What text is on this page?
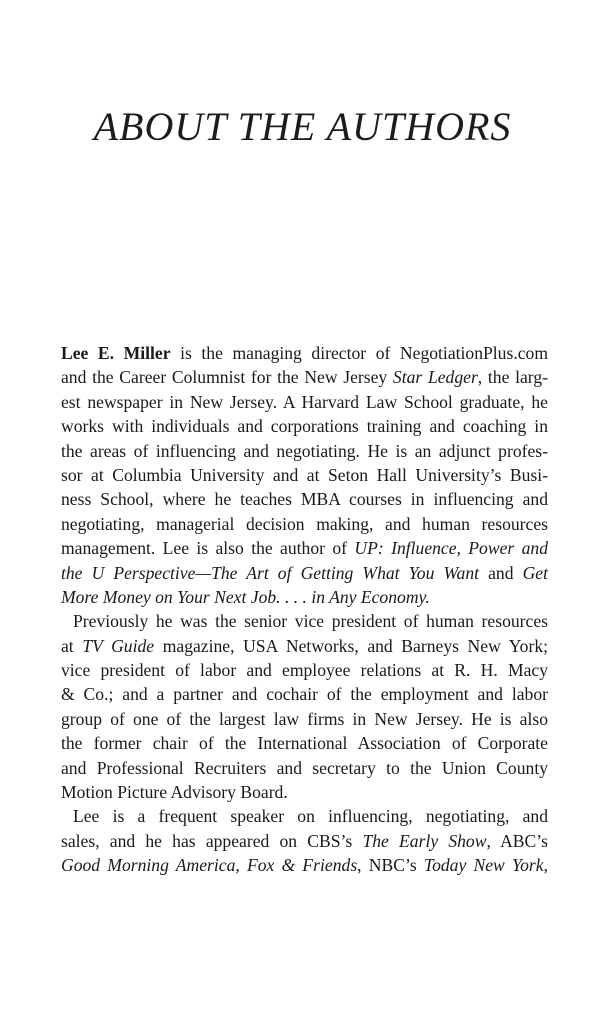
ABOUT THE AUTHORS
Lee E. Miller is the managing director of NegotiationPlus.com
and the Career Columnist for the New Jersey Star Ledger, the larg-
est newspaper in New Jersey. A Harvard Law School graduate, he
works with individuals and corporations training and coaching in
the areas of influencing and negotiating. He is an adjunct profes-
sor at Columbia University and at Seton Hall University’s Busi-
ness School, where he teaches MBA courses in influencing and
negotiating, managerial decision making, and human resources
management. Lee is also the author of UP: Influence, Power and
the U Perspective—The Art of Getting What You Want and Get
More Money on Your Next Job. . . . in Any Economy.
Previously he was the senior vice president of human resources
at TV Guide magazine, USA Networks, and Barneys New York;
vice president of labor and employee relations at R. H. Macy
& Co.; and a partner and cochair of the employment and labor
group of one of the largest law firms in New Jersey. He is also
the former chair of the International Association of Corporate
and Professional Recruiters and secretary to the Union County
Motion Picture Advisory Board.
Lee is a frequent speaker on influencing, negotiating, and
sales, and he has appeared on CBS’s The Early Show, ABC’s
Good Morning America, Fox & Friends, NBC’s Today New York,
